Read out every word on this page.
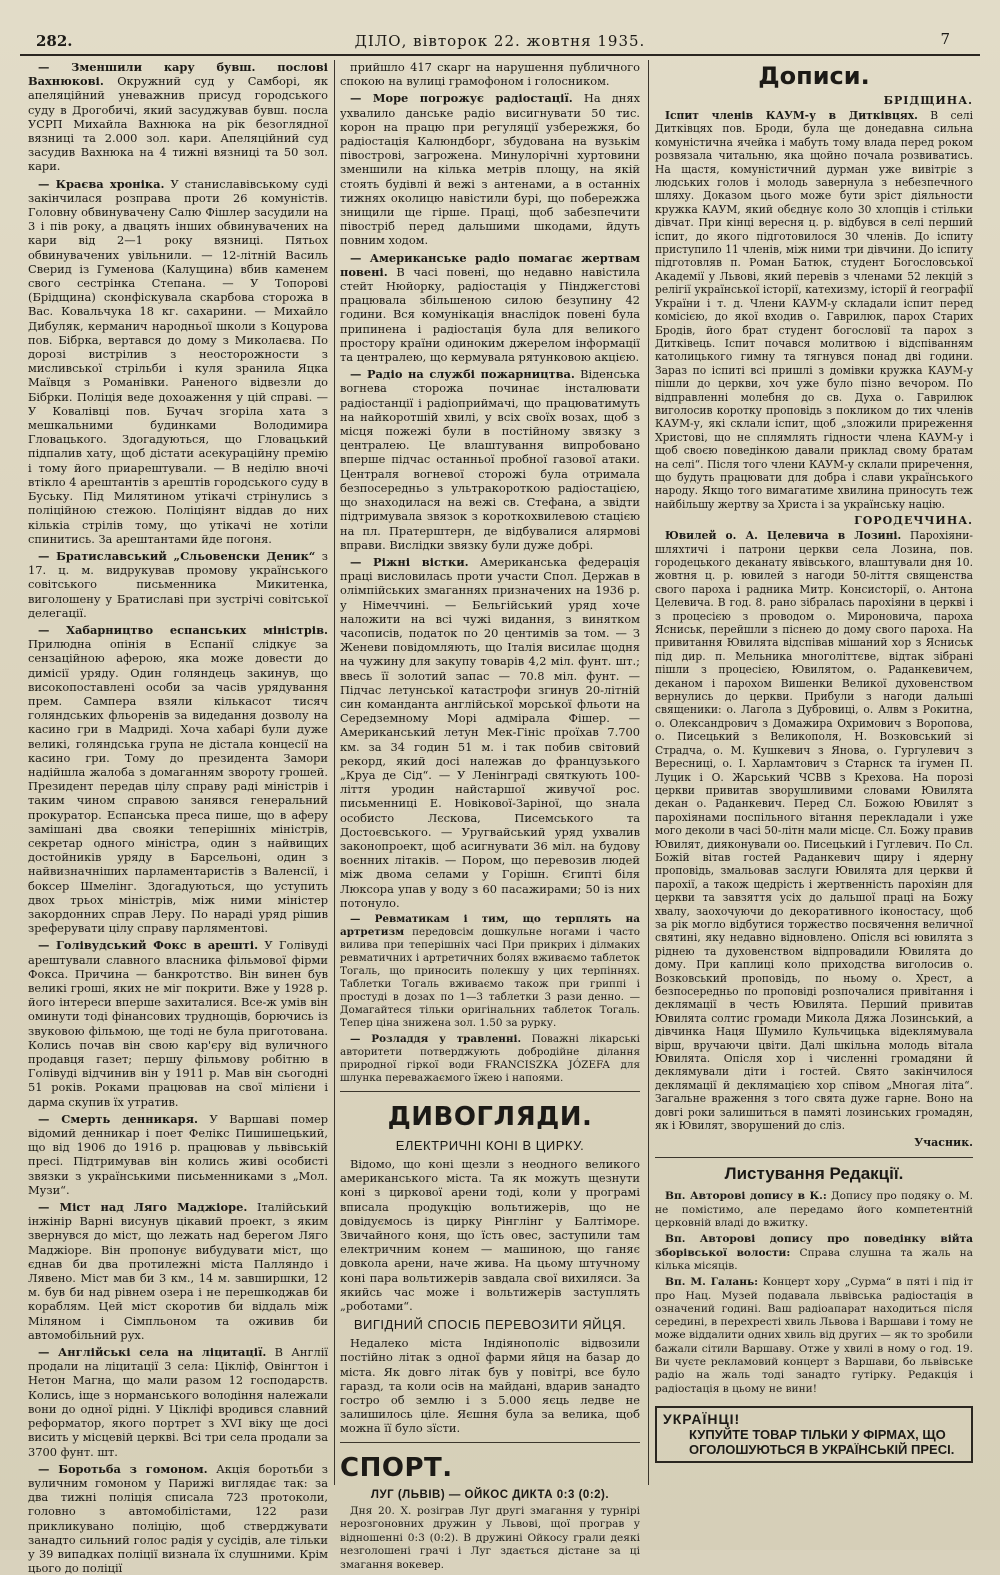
282.	ДІЛО, вівторок 22. жовтня 1935.	7

— Зменшили кару бувш. послові Вахнюкові. Окружний суд у Самборі, як апеляційний уневажнив присуд городського суду в Дрогобичі, який засуджував бувш. посла УСРП Михайла Вахнюка на рік безоглядної вязниці та 2.000 зол. кари. Апеляційний суд засудив Вахнюка на 4 тижні вязниці та 50 зол. кари.

— Краєва хроніка. У станиславівському суді закінчилася розправа проти 26 комуністів. Головну обвинувачену Салю Фішлер засудили на 3 і пів року, а двацять інших обвинувачених на кари від 2—1 року вязниці. Пятьох обвинувачених увільнили. — 12-літній Василь Сверид із Гуменова (Калущина) вбив каменем свого сестрінка Степана. — У Топорові (Брідщина) сконфіскувала скарбова сторожа в Вас. Ковальчука 18 кг. сахарини. — Михайло Дибуляк, керманич народньої школи з Коцурова пов. Бібрка, вертався до дому з Миколаєва. По дорозі вистрілив з неосторожности з мисливської стрільби і куля зранила Яцка Маївця з Романівки. Раненого відвезли до Бібрки. Поліція веде дохоаження у цій справі. — У Ковалівці пов. Бучач згоріла хата з мешкальними будинками Володимира Гловацького. Здогадуються, що Гловацький підпалив хату, щоб дістати асекураційну премію і тому його приарештували. — В неділю вночі втікло 4 арештантів з арештів городського суду в Буську. Під Милятином утікачі стрінулись з поліційною стежою. Поліціянт віддав до них кількіа стрілів тому, що утікачі не хотіли спинитись. За арештантами йде погоня.

— Братиславський „Сльовенски Деник“ з 17. ц. м. видрукував промову українського совітського письменника Микитенка, виголошену у Братиславі при зустрічі совітської делегації.

— Хабарництво еспанських міністрів. Прилюдна опінія в Еспанії слідкує за сензаційною аферою, яка може довести до димісії уряду. Один голяндець закинув, що високопоставлені особи за часів урядування прем. Самперa взяли кількасот тисяч голяндських фльоренів за видедання дозволу на касино гри в Мадриді. Хоча хабарі були дуже великі, голяндська група не дістала концесії на касино гри. Тому до президента Замори надійшла жалоба з домаганням звороту грошей. Президент передав цілу справу раді міністрів і таким чином справою занявся генеральний прокуратор. Еспанська преса пише, що в аферу замішані два свояки теперішніх міністрів, секретар одного міністра, один з найвищих достойників уряду в Барсельоні, один з найвизначніших парламентаристів з Валенсії, і боксер Шмелінг. Здогадуються, що уступить двох трьох міністрів, між ними міністер закордонних справ Леру. По нараді уряд рішив зреферувати цілу справу парляментові.

— Голівудський Фокс в арешті. У Голівуді арештували славного власника фільмової фірми Фокса. Причина — банкротство. Він винен був великі гроші, яких не міг покрити. Вже у 1928 р. його інтереси вперше захиталися. Все-ж умів він оминути тоді фінансових труднощів, борючись із звуковою фільмою, ще тоді не була приготована. Колись почав він свою кар'єру від вуличного продавця газет; першу фільмову робітню в Голівуді відчинив він у 1911 р. Мав він сьогодні 51 років. Роками працював на свої мілієни і дарма скупив їх утратив.

— Смерть денникаря. У Варшаві помер відомий денникар і поет Фелікс Пишишецький, що від 1906 до 1916 р. працював у львівській пресі. Підтримував він колись живі особисті звязки з українськими письменниками з „Мол. Музи“.

— Міст над Ляго Маджіоре. Італійський інжінір Варні висунув цікавий проект, з яким звернувся до міст, що лежать над берегом Ляго Маджіоре. Він пропонує вибудувати міст, що єднав би два протилежні міста Палляндо і Лявено. Міст мав би 3 км., 14 м. завширшки, 12 м. був би над рівнем озера і не перешкоджав би кораблям. Цей міст скоротив би віддаль між Міляном і Сімпльоном та оживив би автомобільний рух.

— Англійські села на ліцитації. В Англії продали на ліцитації 3 села: Цікліф, Овінгтон і Нетон Мaгна, що мали разом 12 господарств. Колись, іще з норманського володіння належали вони до одної рідні. У Цікліфі вродився славний реформатор, якого портрет з XVI віку ще досі висить у місцевій церкві. Всі три села продали за 3700 фунт. шт.

— Боротьба з гомоном. Акція боротьби з вуличним гомоном у Парижі виглядає так: за два тижні поліція списала 723 протоколи, головно з автомобілістами, 122 рази прикликувано поліцію, щоб стверджувати занадто сильний голос радія у сусідів, але тільки у 39 випадках поліції визнала їх слушними. Крім цього до поліції

прийшло 417 скарг на нарушення публичного спокою на вулиці грамофоном і голосником.

— Море погрожує радіостації. На днях ухвалило данське радіо висигнувати 50 тис. корон на працю при регуляції узбережжя, бо радіостація Калюндборг, збудована на вузькім півострові, загрожена. Минулорічні хуртовини зменшили на кілька метрів площу, на якій стоять будівлі й вежі з антенами, а в останніх тижнях околицю навістили бурі, що побережжа знищили ще гірше. Праці, щоб забезпечити півостріб перед дальшими шкодами, йдуть повним ходом.

— Американське радіо помагає жертвам повені. В часі повені, що недавно навістила стейт Нюйорку, радіостація у Пінджегстові працювала збільшеною силою безупину 42 години. Вся комунікація внаслідок повені була припинена і радіостація була для великого простору країни одиноким джерелом інформації та централею, що кермувала рятунковою акцією.

— Радіо на службі пожарництва. Віденська вогнева сторожа починає інсталювати радіостанції і радіоприймачі, що працюватимуть на найкоротшій хвилі, у всіх своїх возах, щоб з місця пожежі були в постійному звязку з централею. Це влаштування випробовано вперше підчас останньої пробної газової атаки. Централя вогневої сторожі була отримала безпосередньо з ультракороткою радіостацією, що знаходилася на вежі св. Стефана, а звідти підтримувала звязок з короткохвилевою стацією на пл. Пратерштерн, де відбувалися алярмові вправи. Вислідки звязку були дуже добрі.

— Ріжні вістки. Американська федерація праці висловилась проти участи Спол. Держав в олімпійських змаганнях призначених на 1936 р. у Німеччині. — Бельгійський уряд хоче наложити на всі чужі видання, з винятком часописів, податок по 20 центимів за том. — З Женеви повідомляють, що Італія висилає щодня на чужину для закупу товарів 4,2 міл. фунт. шт.; ввесь її золотий запас — 70.8 міл. фунт. — Підчас летунської катастрофи згинув 20-літній син команданта англійської морської фльоти на Середземному Морі адмірала Фішер. — Американський летун Мек-Гініс проїхав 7.700 км. за 34 годин 51 м. і так побив світовий рекорд, який досі належав до французького „Круа де Сід“. — У Ленінграді святкують 100-ліття уродин найстаршої живучої рос. письменниці Е. Новікової-Заріної, що знала особисто Лєскова, Писемського та Достоєвського. — Уругвайський уряд ухвалив законопроект, щоб асигнувати 36 міл. на будову воєнних літаків. — Пором, що перевозив людей між двома селами у Горішн. Єгипті біля Люксора упав у воду з 60 пасажирами; 50 із них потонуло.

— Ревматикам і тим, що терплять на артретизм передовсім дошкульне ногами і часто вилива при теперішніх часі При прикрих і ділмаких ревматичних і артретичних болях вживаємо таблеток Тогаль, що приносить полекшу у цих терпіннях. Таблетки Тогаль вживаємо також при гриппі і простуді в дозах по 1—3 таблетки 3 рази денно. — Домагайтеся тільки оригінальних таблеток Тогаль. Тепер ціна знижена зол. 1.50 за рурку.

— Розладдя у травленні. Поважні лікарські авторитети потверджують добродійне ділання природної гіркої води FRANCISZKA JÓZEFA для шлунка переважаємого їжею і напоями.

ДИВОГЛЯДИ.
ЕЛЕКТРИЧНІ КОНІ В ЦИРКУ.

Відомо, що коні щезли з неодного великого американського міста. Та як можуть щезнути коні з циркової арени тоді, коли у програмі вписала продукцію вольтижерів, що не довідуємось із цирку Рінглінг у Балтіморе. Звичайного коня, що їсть овес, заступили там електричним конем — машиною, що ганяє довкола арени, наче жива. На цьому штучному коні пара вольтижерів завдала свої вихиляси. За якийсь час може і вольтижерів заступлять „роботами“.

ВИГІДНИЙ СПОСІБ ПЕРЕВОЗИТИ ЯЙЦЯ.

Недалеко міста Індіянополіс відвозили постійно літак з одної фарми яйця на базар до міста. Як довго літак був у повітрі, все було гаразд, та коли осів на майдані, вдарив занадто гостро об землю і з 5.000 яєць ледве не залишилось ціле. Яєшня була за велика, щоб можна її було зїсти.

СПОРТ.
ЛУГ (ЛЬВІВ) — ОЙКОС ДИКТА 0:3 (0:2).

Дня 20. Х. розіграв Луг другі змагання у турнірі нерозгоновних дружин у Львові, щої програв у відношенні 0:3 (0:2). В дружині Ойкосу грали деякі незголошені грачі і Луг здається дістане за ці змагання вокевер.

Дописи.
БРІДЩИНА.

Іспит членів КАУМ-у в Дитківцях. В селі Дитківцях пов. Броди, була ще донедавна сильна комуністична ячейка і мабуть тому влада перед роком розвязала читальню, яка щойно почала розвиватись. На щастя, комуністичний дурман уже вивітріє з людських голов і молодь завернула з небезпечного шляху. Доказом цього може бути зріст діяльности кружка КАУМ, який обєднує коло 30 хлопців і стільки дівчат. При кінці вересня ц. р. відбувся в селі перший іспит, до якого підготовилося 30 членів. До іспиту приступило 11 членів, між ними три дівчини. До іспиту підготовляв п. Роман Батюк, студент Богословської Академії у Львові, який перевів з членами 52 лекцій з релігії української історії, катехизму, історії й географії України і т. д. Члени КАУМ-у складали іспит перед комісією, до якої входив о. Гаврилюк, парох Старих Бродів, його брат студент богословії та парох з Дитківець. Іспит почався молитвою і відспіванням католицького гимну та тягнувся понад дві години. Зараз по іспиті всі пришлі з домівки кружка КАУМ-у пішли до церкви, хоч уже було пізно вечором. По відправленні молебня до св. Духа о. Гаврилюк виголосив коротку проповідь з покликом до тих членів КАУМ-у, які склали іспит, щоб „зложили приреження Христові, що не сплямлять гідности члена КАУМ-у і щоб своєю поведінкою давали приклад свому братам на селі“. Після того члени КАУМ-у склали приречення, що будуть працювати для добра і слави українського народу. Якщо того вимагатиме хвилина приносуть теж найбільшу жертву за Христа і за українську націю.

ГОРОДЕЧЧИНА.

Ювилей о. А. Целевича в Лозині. Парохіяни-шляхтичі і патрони церкви села Лозина, пов. городецького деканату явівського, влаштували дня 10. жовтня ц. р. ювилей з нагоди 50-ліття священства свого пароха і радника Митр. Консисторії, о. Антона Целевича. В год. 8. рано зібралась парохіяни в церкві і з процесією з проводом о. Мироновича, пароха Ясниськ, перейшли з піснею до дому свого пароха. На привитання Ювилята відспівав мішаний хор з Ясниськ під дир. п. Мельника многоліттєве, відтак зібрані пішли з процесією, Ювилятом, о. Раданкевичем, деканом і парохом Вишенки Великої духовенством вернулись до церкви. Прибули з нагоди дальші священики: о. Лагола з Дубровиці, о. Алвм з Рокитна, о. Олександрович з Домажира Охримович з Воропова, о. Писецький з Великополя, Н. Возковський зі Страдча, о. М. Кушкевич з Янова, о. Гургулевич з Вереcниці, о. І. Харламтович з Старнск та ігумен П. Луцик і О. Жарський ЧСВВ з Крехова. На порозі церкви привитав зворушливими словами Ювилята декан о. Раданкевич. Перед Сл. Божою Ювилят з парохіянами поспільного вітання перекладали і уже мого деколи в часі 50-літн мали місце. Сл. Божу правив Ювилят, дияконували оо. Писецький і Гуглевич. По Сл. Божій вітав гостей Раданкевич щиру і ядерну проповідь, змальовав заслуги Ювилята для церкви й парохії, а також щедрість і жертвенність парохіян для церкви та завзяття усіх до дальшої праці на Божу хвалу, заохочуючи до декоративного іконостасу, щоб за рік могло відбутися торжество посвячення величної святині, яку недавно відновлено. Опісля всі ювилята з ріднею та духовенством відпровадили Ювилята до дому. При каплиці коло приходства виголосив о. Возковський проповідь, по ньому о. Хрест, а безпосередньо по проповіді розпочалися привітання і деклямації в честь Ювилята. Перший привитав Ювилята солтис громади Микола Дяжа Лозинський, а дівчинка Наця Шумило Кульчицька відеклямувала вірш, вручаючи цвіти. Далі шкільна молодь вітала Ювилята. Опісля хор і численні громадяни й деклямували діти і гостей. Свято закінчилося деклямації й деклямацією хор співом „Многая літа“. Загальне враження з того свята дуже гарне. Воно на довгі роки залишиться в памяті лозинських громадян, як і Ювилят, зворушений до сліз.

Учасник.
Листування Редакції.

Вп. Авторові допису в К.: Допису про подяку о. М. не помістимо, але передамо його компетентній церковній владі до вжитку.

Вп. Авторові допису про поведінку війта зборівської волости: Справа слушна та жаль на кілька місяців.

Вп. М. Галань: Концерт хору „Сурма“ в пяті і під іт про Нац. Музей подавала львівська радіостація в означений годині. Ваш радіоапарат находиться після середині, в перехресті хвиль Львова і Варшави і тому не може віддалити одних хвиль від других — як то зробили бажали сітили Варшаву. Отже у хвилі в ному о год. 19. Ви чуєте рекламовий концерт з Варшави, бо львівське радіо на жаль тоді занадто гутірку. Редакція і радіостація в цьому не вини!

УКРАЇНЦІ!
КУПУЙТЕ ТОВАР ТІЛЬКИ У ФІРМАХ, ЩО ОГОЛОШУЮТЬСЯ В УКРАЇНСЬКІЙ ПРЕСІ.
